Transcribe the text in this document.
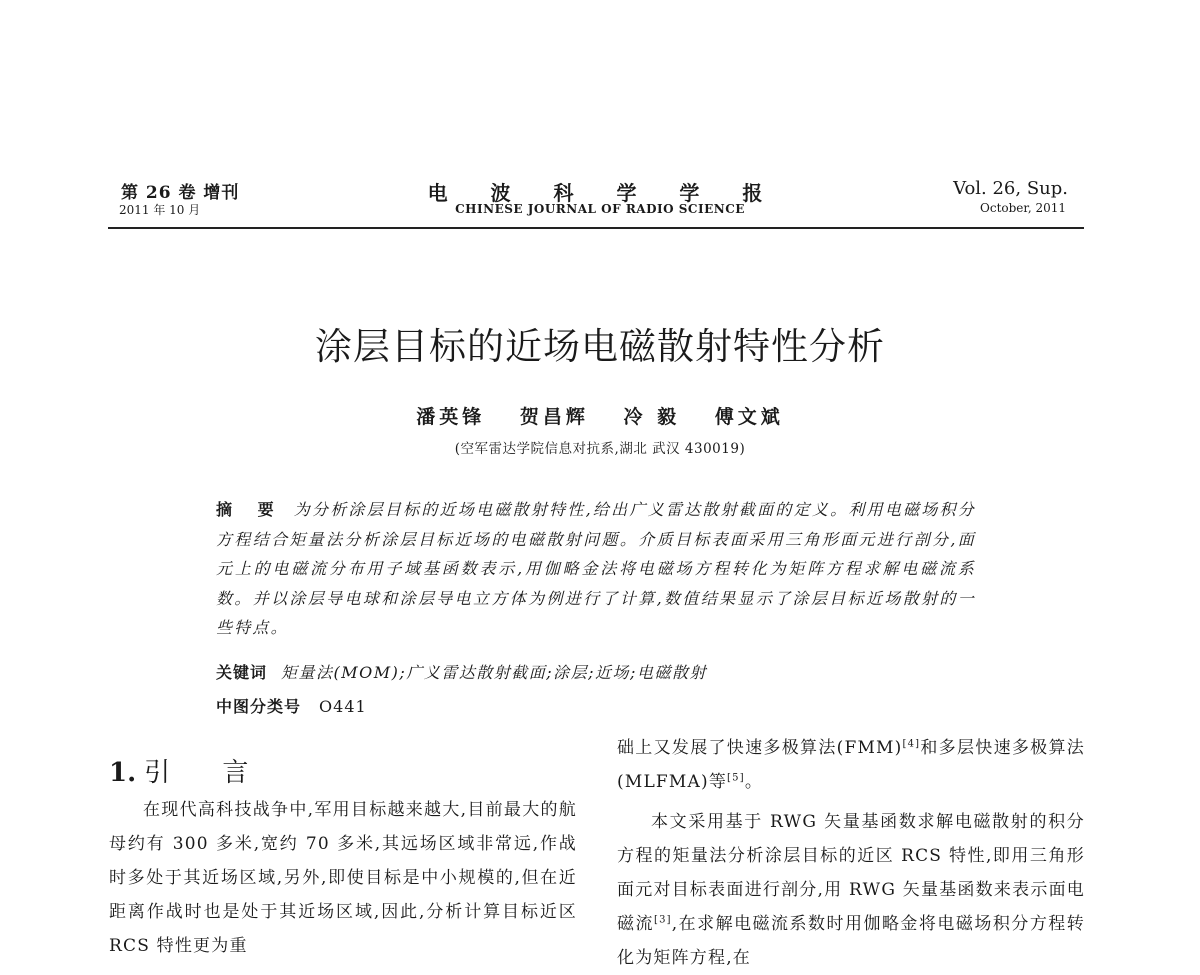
第 26 卷 增刊
2011 年 10 月
电 波 科 学 学 报
CHINESE JOURNAL OF RADIO SCIENCE
Vol. 26, Sup.
October, 2011
涂层目标的近场电磁散射特性分析
潘英锋 贺昌辉 冷 毅 傅文斌
(空军雷达学院信息对抗系,湖北 武汉 430019)
摘 要 为分析涂层目标的近场电磁散射特性,给出广义雷达散射截面的定义。利用电磁场积分方程结合矩量法分析涂层目标近场的电磁散射问题。介质目标表面采用三角形面元进行剖分,面元上的电磁流分布用子域基函数表示,用伽略金法将电磁场方程转化为矩阵方程求解电磁流系数。并以涂层导电球和涂层导电立方体为例进行了计算,数值结果显示了涂层目标近场散射的一些特点。
关键词 矩量法(MOM);广义雷达散射截面;涂层;近场;电磁散射
中图分类号 O441
1. 引 言

在现代高科技战争中,军用目标越来越大,目前最大的航母约有 300 多米,宽约 70 多米,其远场区域非常远,作战时多处于其近场区域,另外,即使目标是中小规模的,但在近距离作战时也是处于其近场区域,因此,分析计算目标近区 RCS 特性更为重

础上又发展了快速多极算法(FMM)[4]和多层快速多极算法(MLFMA)等[5]。

本文采用基于 RWG 矢量基函数求解电磁散射的积分方程的矩量法分析涂层目标的近区 RCS 特性,即用三角形面元对目标表面进行剖分,用 RWG 矢量基函数来表示面电磁流[3],在求解电磁流系数时用伽略金将电磁场积分方程转化为矩阵方程,在
